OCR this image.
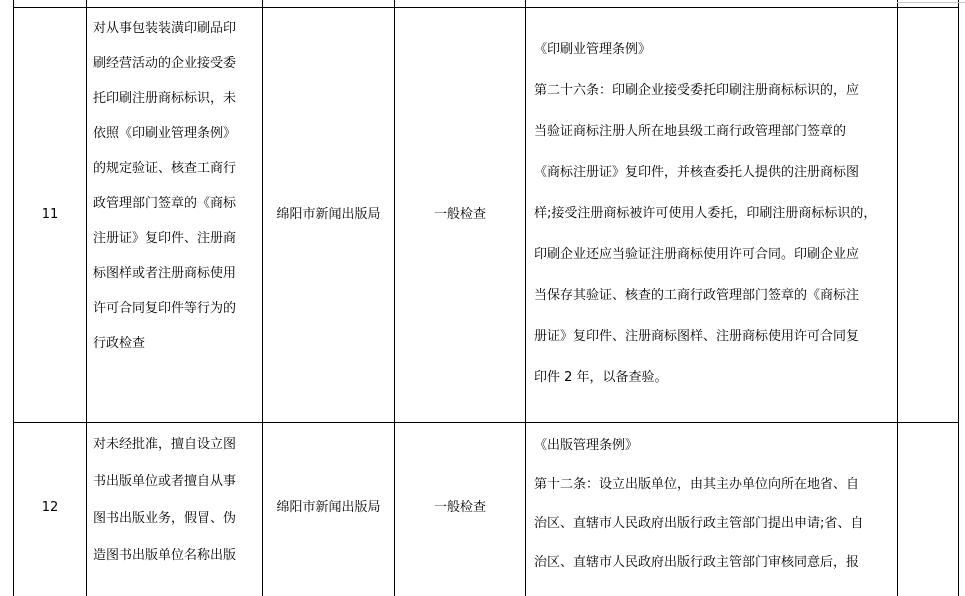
11
对从事包装装潢印刷品印
刷经营活动的企业接受委
托印刷注册商标标识，未
依照《印刷业管理条例》
的规定验证、核查工商行
政管理部门签章的《商标
注册证》复印件、注册商
标图样或者注册商标使用
许可合同复印件等行为的
行政检查
绵阳市新闻出版局	一般检查
《印刷业管理条例》
第二十六条：印刷企业接受委托印刷注册商标标识的，应
当验证商标注册人所在地县级工商行政管理部门签章的
《商标注册证》复印件，并核查委托人提供的注册商标图
样;接受注册商标被许可使用人委托，印刷注册商标标识的，
印刷企业还应当验证注册商标使用许可合同。印刷企业应
当保存其验证、核查的工商行政管理部门签章的《商标注
册证》复印件、注册商标图样、注册商标使用许可合同复
印件 2 年，以备查验。
12
对未经批准，擅自设立图
书出版单位或者擅自从事
图书出版业务，假冒、伪
造图书出版单位名称出版
绵阳市新闻出版局	一般检查
《出版管理条例》
第十二条：设立出版单位，由其主办单位向所在地省、自
治区、直辖市人民政府出版行政主管部门提出申请;省、自
治区、直辖市人民政府出版行政主管部门审核同意后，报
